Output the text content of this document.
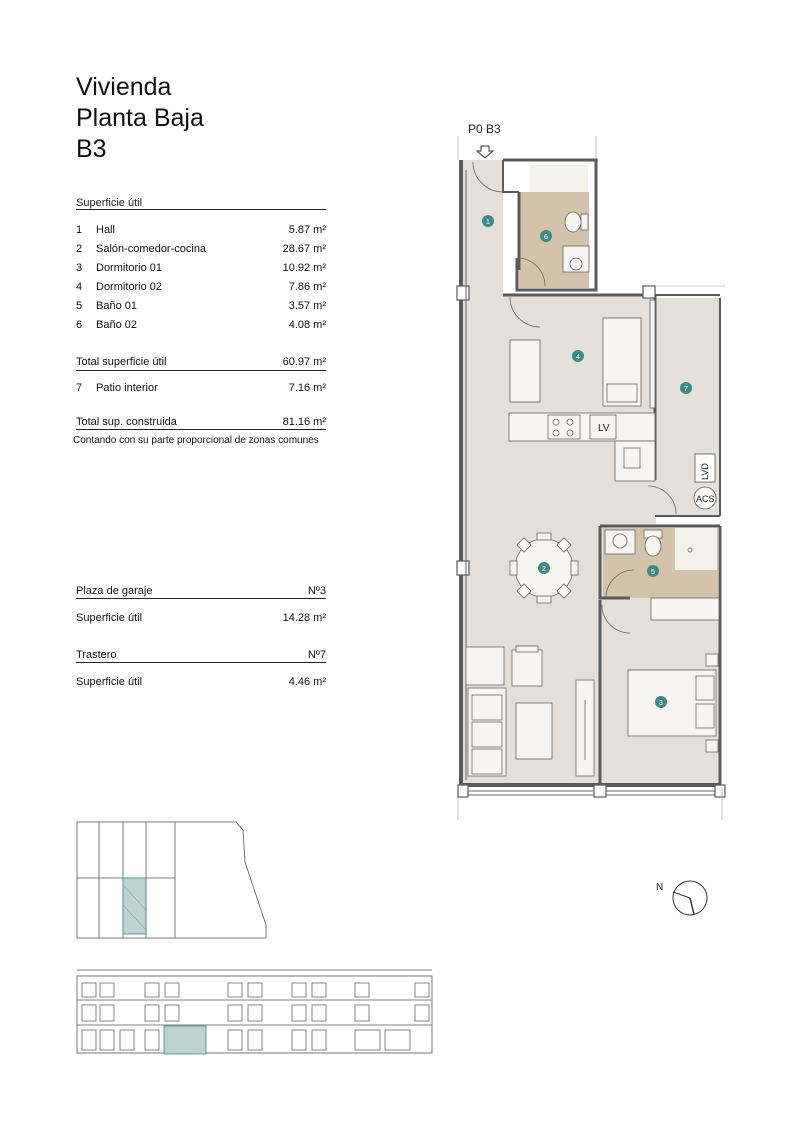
Vivienda
Planta Baja
B3
Superficie útil
1 Hall	5.87 m²
2 Salón-comedor-cocina	28.67 m²
3 Dormitorio 01	10.92 m²
4 Dormitorio 02	7.86 m²
5 Baño 01	3.57 m²
6 Baño 02	4.08 m²
Total superficie útil	60.97 m²
7 Patio interior	7.16 m²
Total sup. construida	81.16 m²
Contando con su parte proporcional de zonas comunes
Plaza de garaje	Nº3
Superficie útil	14.28 m²
Trastero	Nº7
Superficie útil	4.46 m²
P0 B3
LV
LVD
ACS
1
2
3
4
5
6
7
N
